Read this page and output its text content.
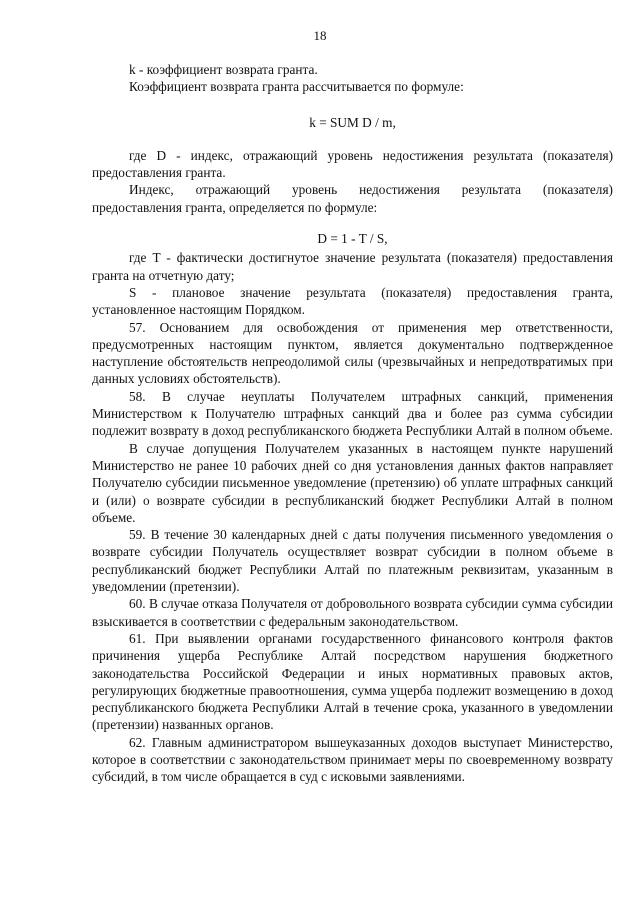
18

k - коэффициент возврата гранта.

Коэффициент возврата гранта рассчитывается по формуле:

k = SUM D / m,

где D - индекс, отражающий уровень недостижения результата (показателя) предоставления гранта.

Индекс, отражающий уровень недостижения результата (показателя) предоставления гранта, определяется по формуле:

D = 1 - T / S,

где T - фактически достигнутое значение результата (показателя) предоставления гранта на отчетную дату;

S - плановое значение результата (показателя) предоставления гранта, установленное настоящим Порядком.

57. Основанием для освобождения от применения мер ответственности, предусмотренных настоящим пунктом, является документально подтвержденное наступление обстоятельств непреодолимой силы (чрезвычайных и непредотвратимых при данных условиях обстоятельств).

58. В случае неуплаты Получателем штрафных санкций, применения Министерством к Получателю штрафных санкций два и более раз сумма субсидии подлежит возврату в доход республиканского бюджета Республики Алтай в полном объеме.

В случае допущения Получателем указанных в настоящем пункте нарушений Министерство не ранее 10 рабочих дней со дня установления данных фактов направляет Получателю субсидии письменное уведомление (претензию) об уплате штрафных санкций и (или) о возврате субсидии в республиканский бюджет Республики Алтай в полном объеме.

59. В течение 30 календарных дней с даты получения письменного уведомления о возврате субсидии Получатель осуществляет возврат субсидии в полном объеме в республиканский бюджет Республики Алтай по платежным реквизитам, указанным в уведомлении (претензии).

60. В случае отказа Получателя от добровольного возврата субсидии сумма субсидии взыскивается в соответствии с федеральным законодательством.

61. При выявлении органами государственного финансового контроля фактов причинения ущерба Республике Алтай посредством нарушения бюджетного законодательства Российской Федерации и иных нормативных правовых актов, регулирующих бюджетные правоотношения, сумма ущерба подлежит возмещению в доход республиканского бюджета Республики Алтай в течение срока, указанного в уведомлении (претензии) названных органов.

62. Главным администратором вышеуказанных доходов выступает Министерство, которое в соответствии с законодательством принимает меры по своевременному возврату субсидий, в том числе обращается в суд с исковыми заявлениями.
